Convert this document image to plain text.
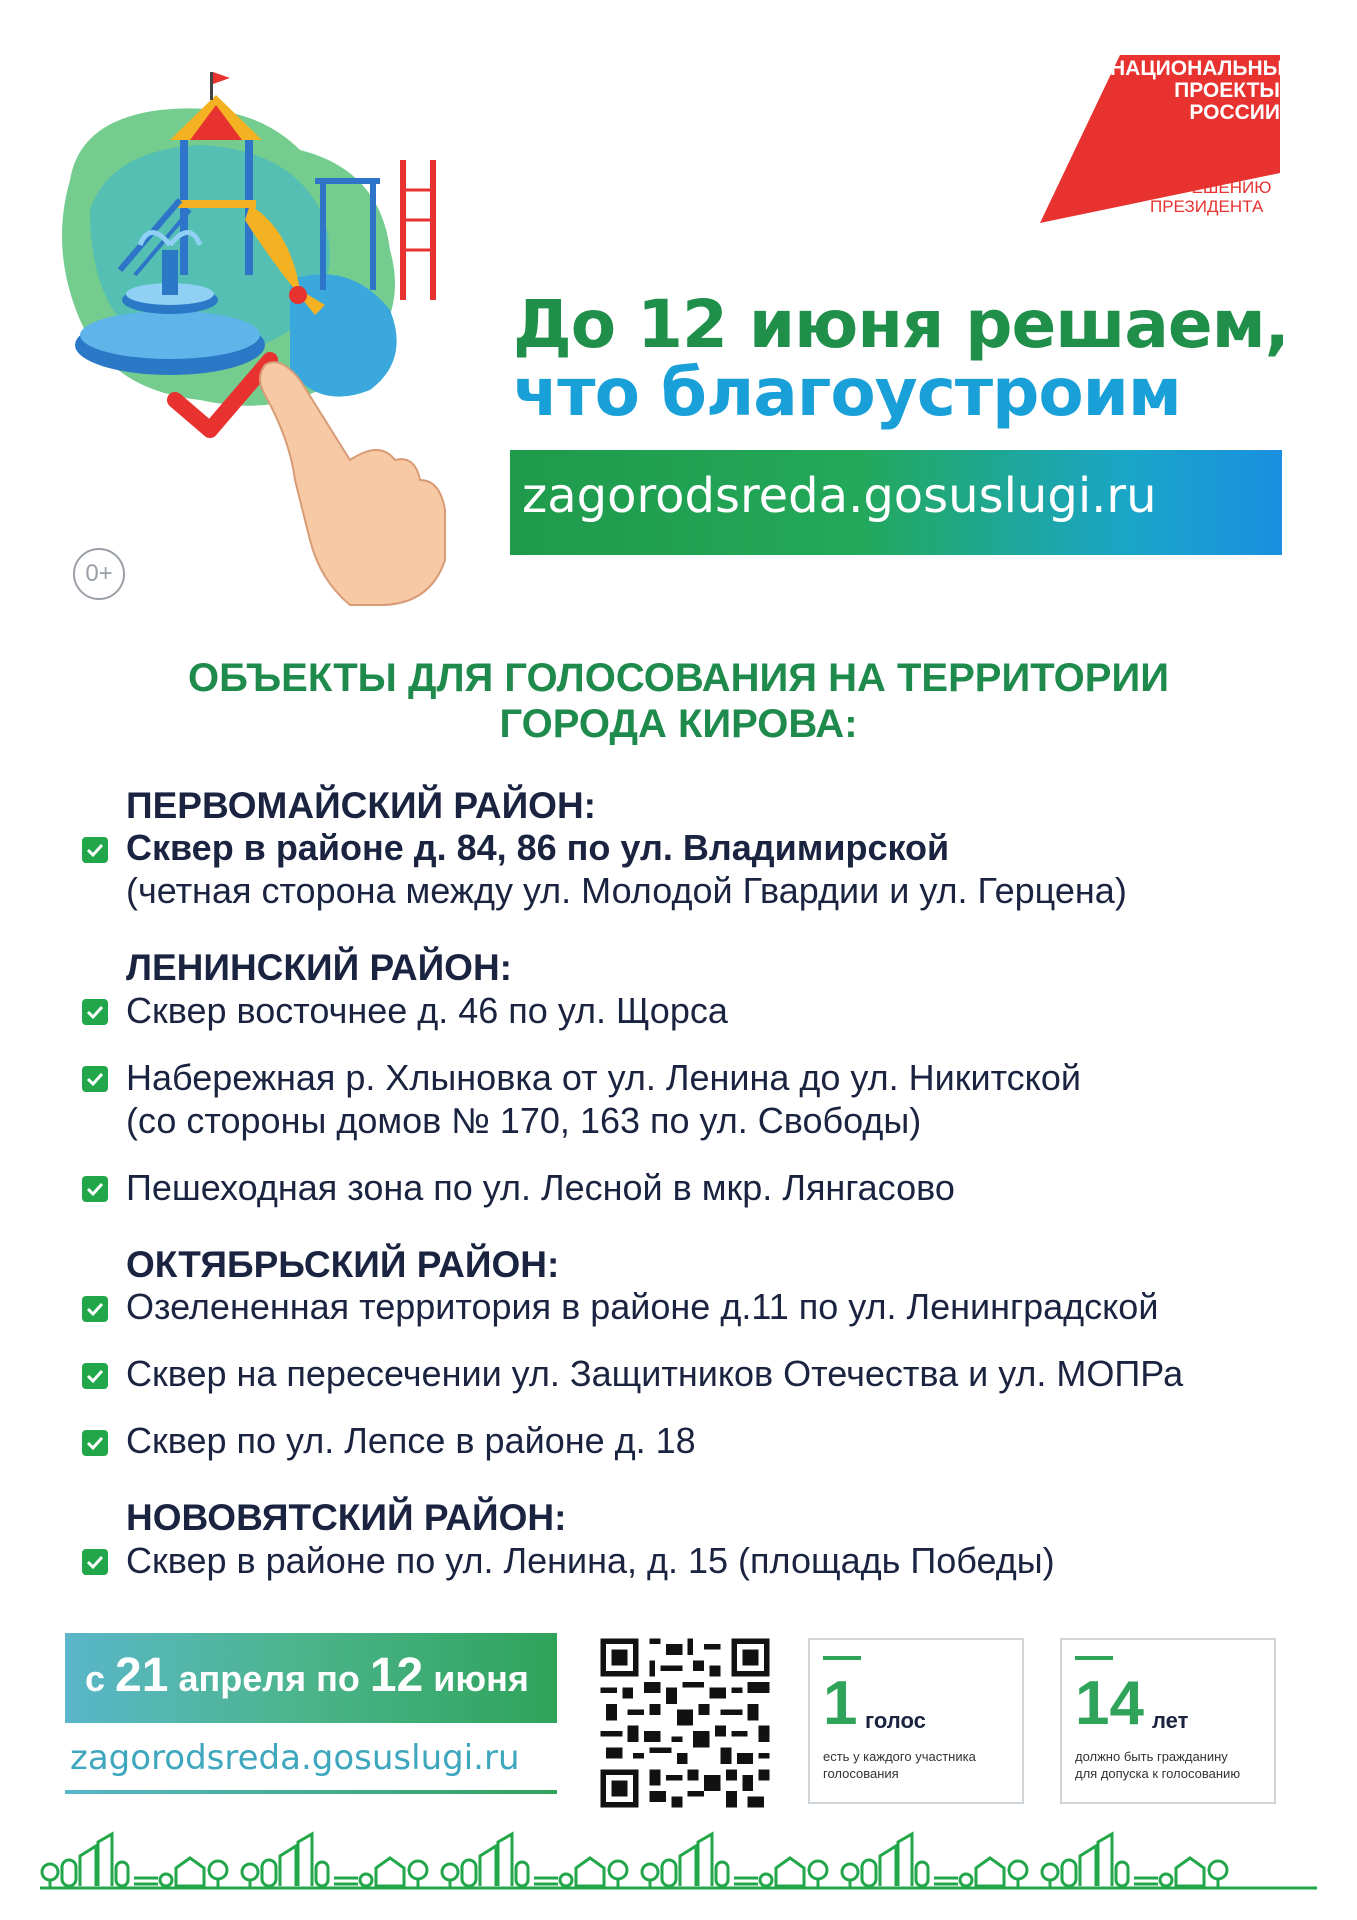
НАЦИОНАЛЬНЫЕ
ПРОЕКТЫ
РОССИИ
ПО РЕШЕНИЮ
ПРЕЗИДЕНТА
До 12 июня решаем,
что благоустроим
zagorodsreda.gosuslugi.ru
0+
ОБЪЕКТЫ ДЛЯ ГОЛОСОВАНИЯ НА ТЕРРИТОРИИ
ГОРОДА КИРОВА:
ПЕРВОМАЙСКИЙ РАЙОН:
Сквер в районе д. 84, 86 по ул. Владимирской
(четная сторона между ул. Молодой Гвардии и ул. Герцена)
ЛЕНИНСКИЙ РАЙОН:
Сквер восточнее д. 46 по ул. Щорса
Набережная р. Хлыновка от ул. Ленина до ул. Никитской
(со стороны домов № 170, 163 по ул. Свободы)
Пешеходная зона по ул. Лесной в мкр. Лянгасово
ОКТЯБРЬСКИЙ РАЙОН:
Озелененная территория в районе д.11 по ул. Ленинградской
Сквер на пересечении ул. Защитников Отечества и ул. МОПРа
Сквер по ул. Лепсе в районе д. 18
НОВОВЯТСКИЙ РАЙОН:
Сквер в районе по ул. Ленина, д. 15 (площадь Победы)
с 21 апреля по 12 июня
zagorodsreda.gosuslugi.ru
1 голос
есть у каждого участника
голосования
14 лет
должно быть гражданину
для допуска к голосованию
